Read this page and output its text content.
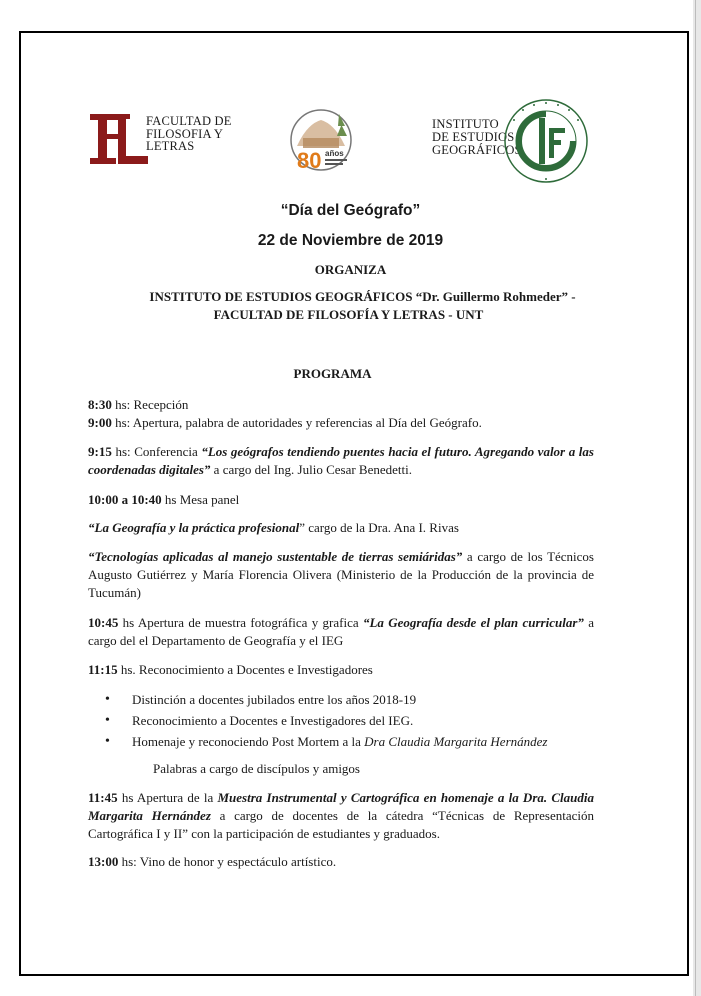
FACULTAD DE
FILOSOFIA Y
LETRAS
80 años
INSTITUTO
DE ESTUDIOS
GEOGRÁFICOS
“Día del Geógrafo”
22 de Noviembre de 2019
ORGANIZA
INSTITUTO DE ESTUDIOS GEOGRÁFICOS “Dr. Guillermo Rohmeder” -
FACULTAD DE FILOSOFÍA Y LETRAS - UNT
PROGRAMA

8:30 hs: Recepción

9:00 hs: Apertura, palabra de autoridades y referencias al Día del Geógrafo.

9:15 hs: Conferencia “Los geógrafos tendiendo puentes hacia el futuro. Agregando valor a las coordenadas digitales” a cargo del Ing. Julio Cesar Benedetti.

10:00 a 10:40 hs Mesa panel

“La Geografía y la práctica profesional” cargo de la Dra. Ana I. Rivas

“Tecnologías aplicadas al manejo sustentable de tierras semiáridas” a cargo de los Técnicos Augusto Gutiérrez y María Florencia Olivera (Ministerio de la Producción de la provincia de Tucumán)

10:45 hs Apertura de muestra fotográfica y grafica “La Geografía desde el plan curricular” a cargo del el Departamento de Geografía y el IEG

11:15 hs. Reconocimiento a Docentes e Investigadores

• Distinción a docentes jubilados entre los años 2018-19
• Reconocimiento a Docentes e Investigadores del IEG.
• Homenaje y reconociendo Post Mortem a la Dra Claudia Margarita Hernández

Palabras a cargo de discípulos y amigos

11:45 hs Apertura de la Muestra Instrumental y Cartográfica en homenaje a la Dra. Claudia Margarita Hernández a cargo de docentes de la cátedra “Técnicas de Representación Cartográfica I y II” con la participación de estudiantes y graduados.

13:00 hs: Vino de honor y espectáculo artístico.
